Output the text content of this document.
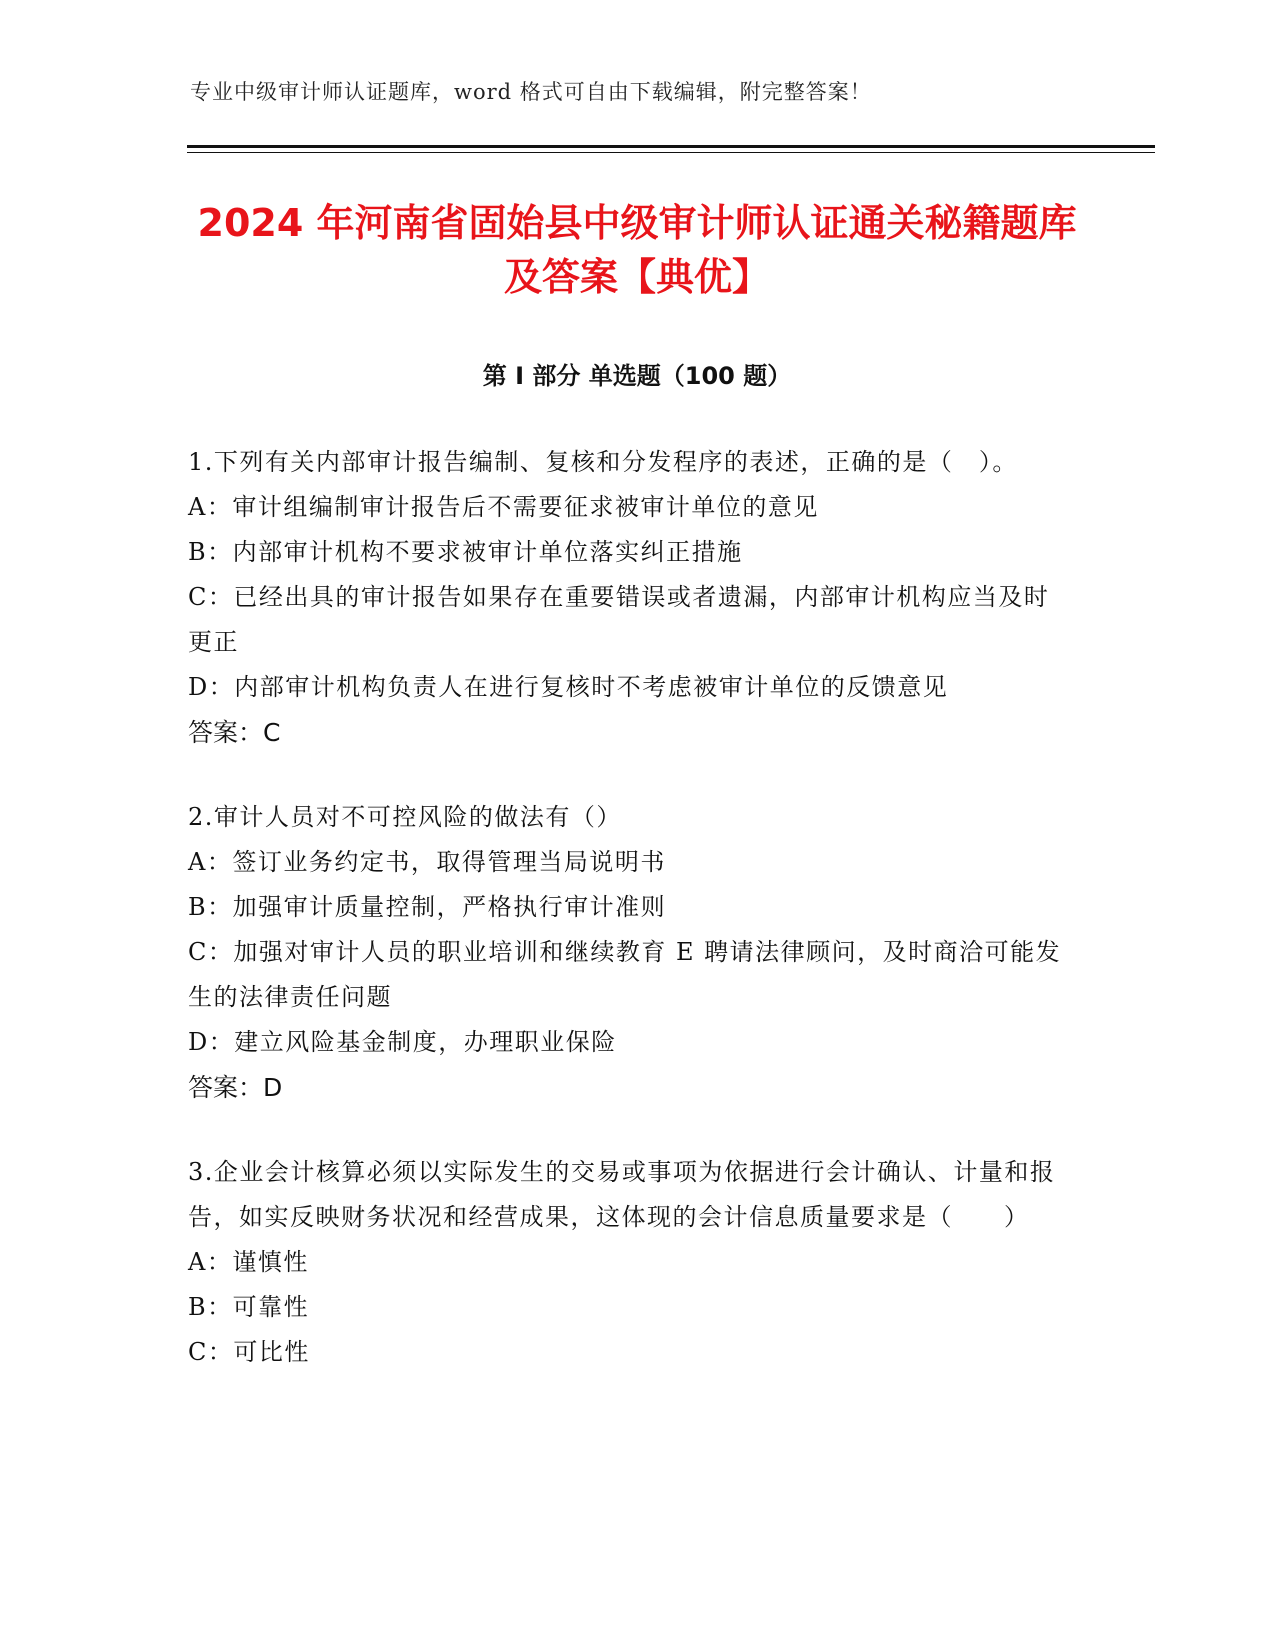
专业中级审计师认证题库，word 格式可自由下载编辑，附完整答案！
2024 年河南省固始县中级审计师认证通关秘籍题库及答案【典优】
第 I 部分 单选题（100 题）

1.下列有关内部审计报告编制、复核和分发程序的表述，正确的是（　）。

A：审计组编制审计报告后不需要征求被审计单位的意见

B：内部审计机构不要求被审计单位落实纠正措施

C：已经出具的审计报告如果存在重要错误或者遗漏，内部审计机构应当及时更正

D：内部审计机构负责人在进行复核时不考虑被审计单位的反馈意见

答案：C

2.审计人员对不可控风险的做法有（）

A：签订业务约定书，取得管理当局说明书

B：加强审计质量控制，严格执行审计准则

C：加强对审计人员的职业培训和继续教育 E 聘请法律顾问，及时商洽可能发生的法律责任问题

D：建立风险基金制度，办理职业保险

答案：D

3.企业会计核算必须以实际发生的交易或事项为依据进行会计确认、计量和报告，如实反映财务状况和经营成果，这体现的会计信息质量要求是（　　）

A：谨慎性

B：可靠性

C：可比性
